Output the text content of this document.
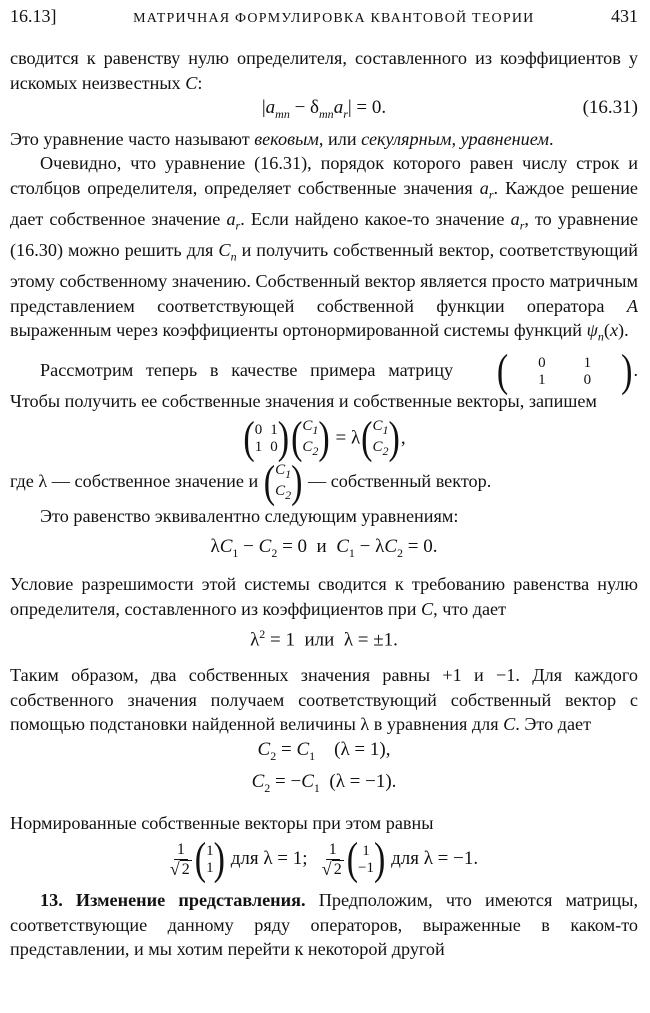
16.13]	МАТРИЧНАЯ ФОРМУЛИРОВКА КВАНТОВОЙ ТЕОРИИ	431

сводится к равенству нулю определителя, составленного из коэффициентов у искомых неизвестных C:

$|a_{mn} - \delta_{mn}a_r| = 0$.	(16.31)

Это уравнение часто называют вековым, или секулярным, уравнением.

Очевидно, что уравнение (16.31), порядок которого равен числу строк и столбцов определителя, определяет собственные значения $a_r$. Каждое решение дает собственное значение $a_r$. Если найдено какое-то значение $a_r$, то уравнение (16.30) можно решить для $C_n$ и получить собственный вектор, соответствующий этому собственному значению. Собственный вектор является просто матричным представлением соответствующей собственной функции оператора A выраженным через коэффициенты ортонормированной системы функций $\psi_n(x)$.

Рассмотрим теперь в качестве примера матрицу	(	0	1
1	0 ) . Чтобы получить ее собственные значения и собственные векторы, запишем

( 0 1
1 0 ) ( $C_1$
$C_2$ ) = λ ( $C_1$
$C_2$ ) ,

где λ — собственное значение и ( $C_1$
$C_2$ ) — собственный вектор.

Это равенство эквивалентно следующим уравнениям:

$\lambda C_1 - C_2 = 0$  и $C_1 - \lambda C_2 = 0$.

Условие разрешимости этой системы сводится к требованию равенства нулю определителя, составленного из коэффициентов при C, что дает

$\lambda^2 = 1$  или  λ = ±1.

Таким образом, два собственных значения равны +1 и −1. Для каждого собственного значения получаем соответствующий собственный вектор с помощью подстановки найденной величины λ в уравнения для C. Это дает

$C_2 = C_1$    (λ = 1),
$C_2 = -C_1$  (λ = −1).

Нормированные собственные векторы при этом равны

$\frac{1}{√ 2}$ ( 1
1 ) для λ = 1; $\frac{1}{√ 2}$ ( 1
−1 ) для λ = −1.

13. Изменение представления. Предположим, что имеются матрицы, соответствующие данному ряду операторов, выраженные в каком-то представлении, и мы хотим перейти к некоторой другой
